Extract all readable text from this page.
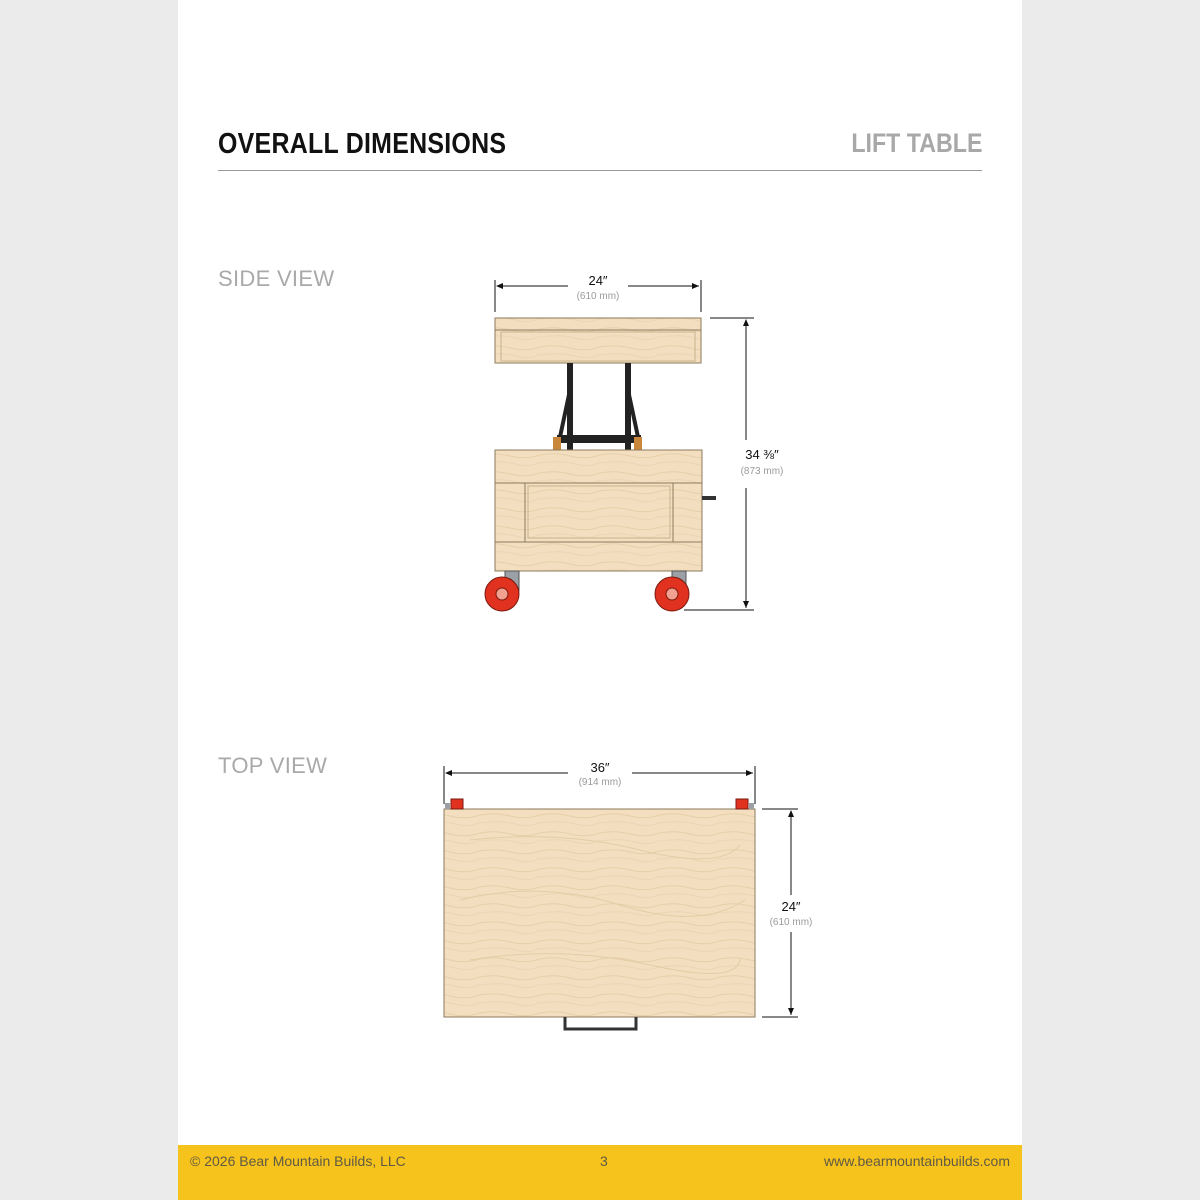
OVERALL DIMENSIONS	LIFT TABLE
SIDE VIEW
TOP VIEW
© 2026 Bear Mountain Builds, LLC	3	www.bearmountainbuilds.com
24″
(610 mm)
34 ⅜″
(873 mm)
36″
(914 mm)
24″
(610 mm)
